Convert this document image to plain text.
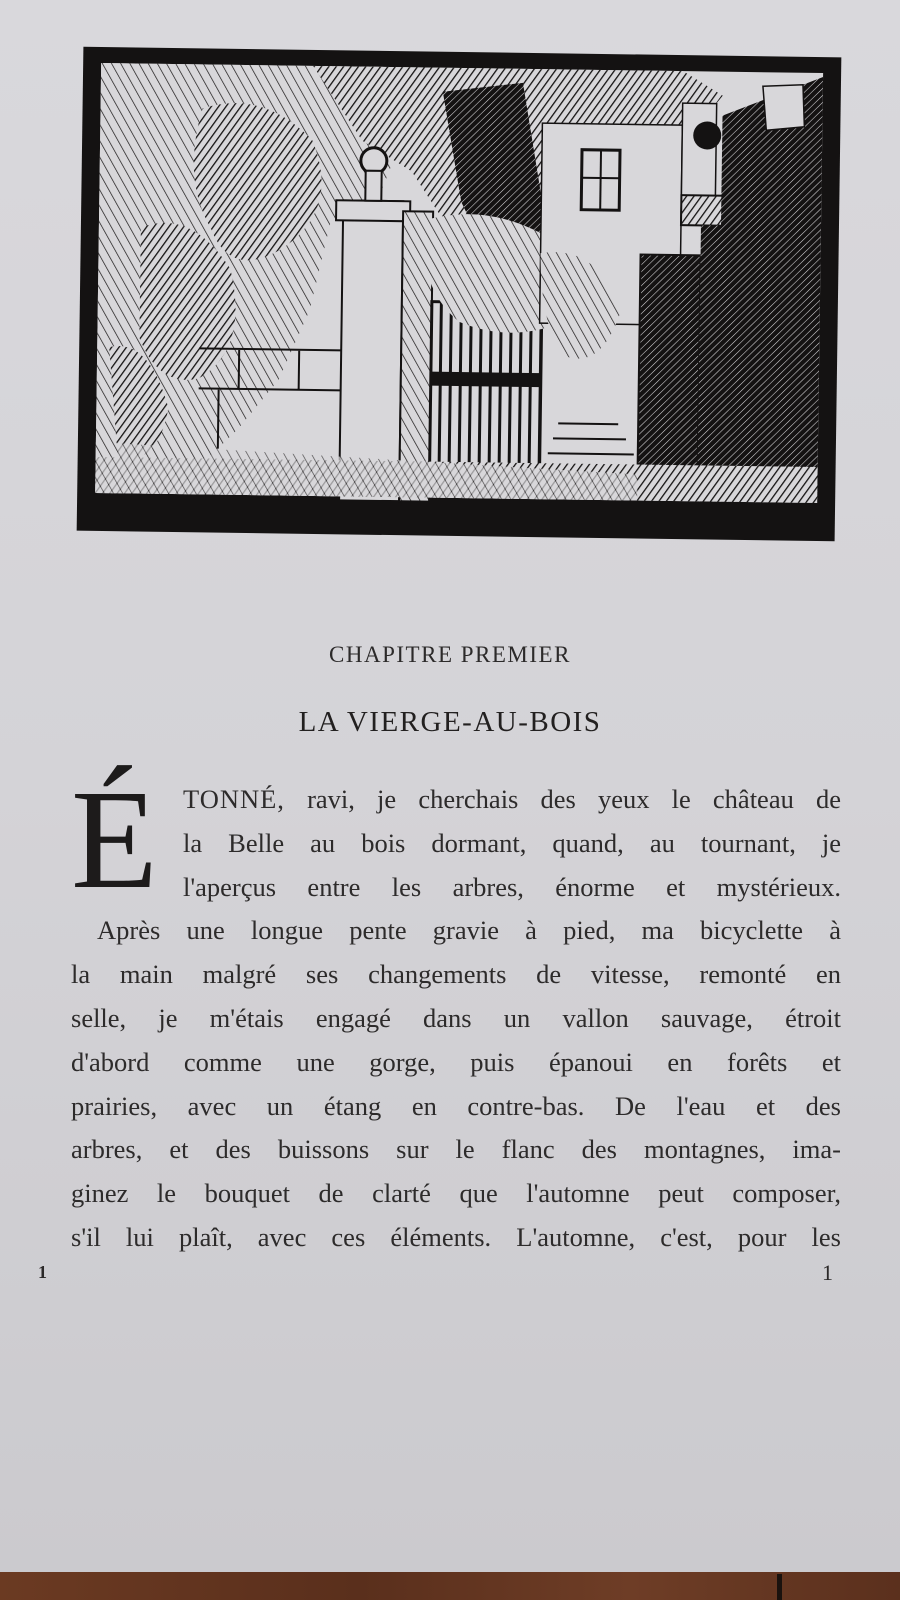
CHAPITRE PREMIER
LA VIERGE-AU-BOIS
É TONNÉ, ravi, je cherchais des yeux le château de
la Belle au bois dormant, quand, au tournant, je
l'aperçus entre les arbres, énorme et mystérieux.
Après une longue pente gravie à pied, ma bicyclette à
la main malgré ses changements de vitesse, remonté en
selle, je m'étais engagé dans un vallon sauvage, étroit
d'abord comme une gorge, puis épanoui en forêts et
prairies, avec un étang en contre-bas. De l'eau et des
arbres, et des buissons sur le flanc des montagnes, ima-
ginez le bouquet de clarté que l'automne peut composer,
s'il lui plaît, avec ces éléments. L'automne, c'est, pour les
1	1
